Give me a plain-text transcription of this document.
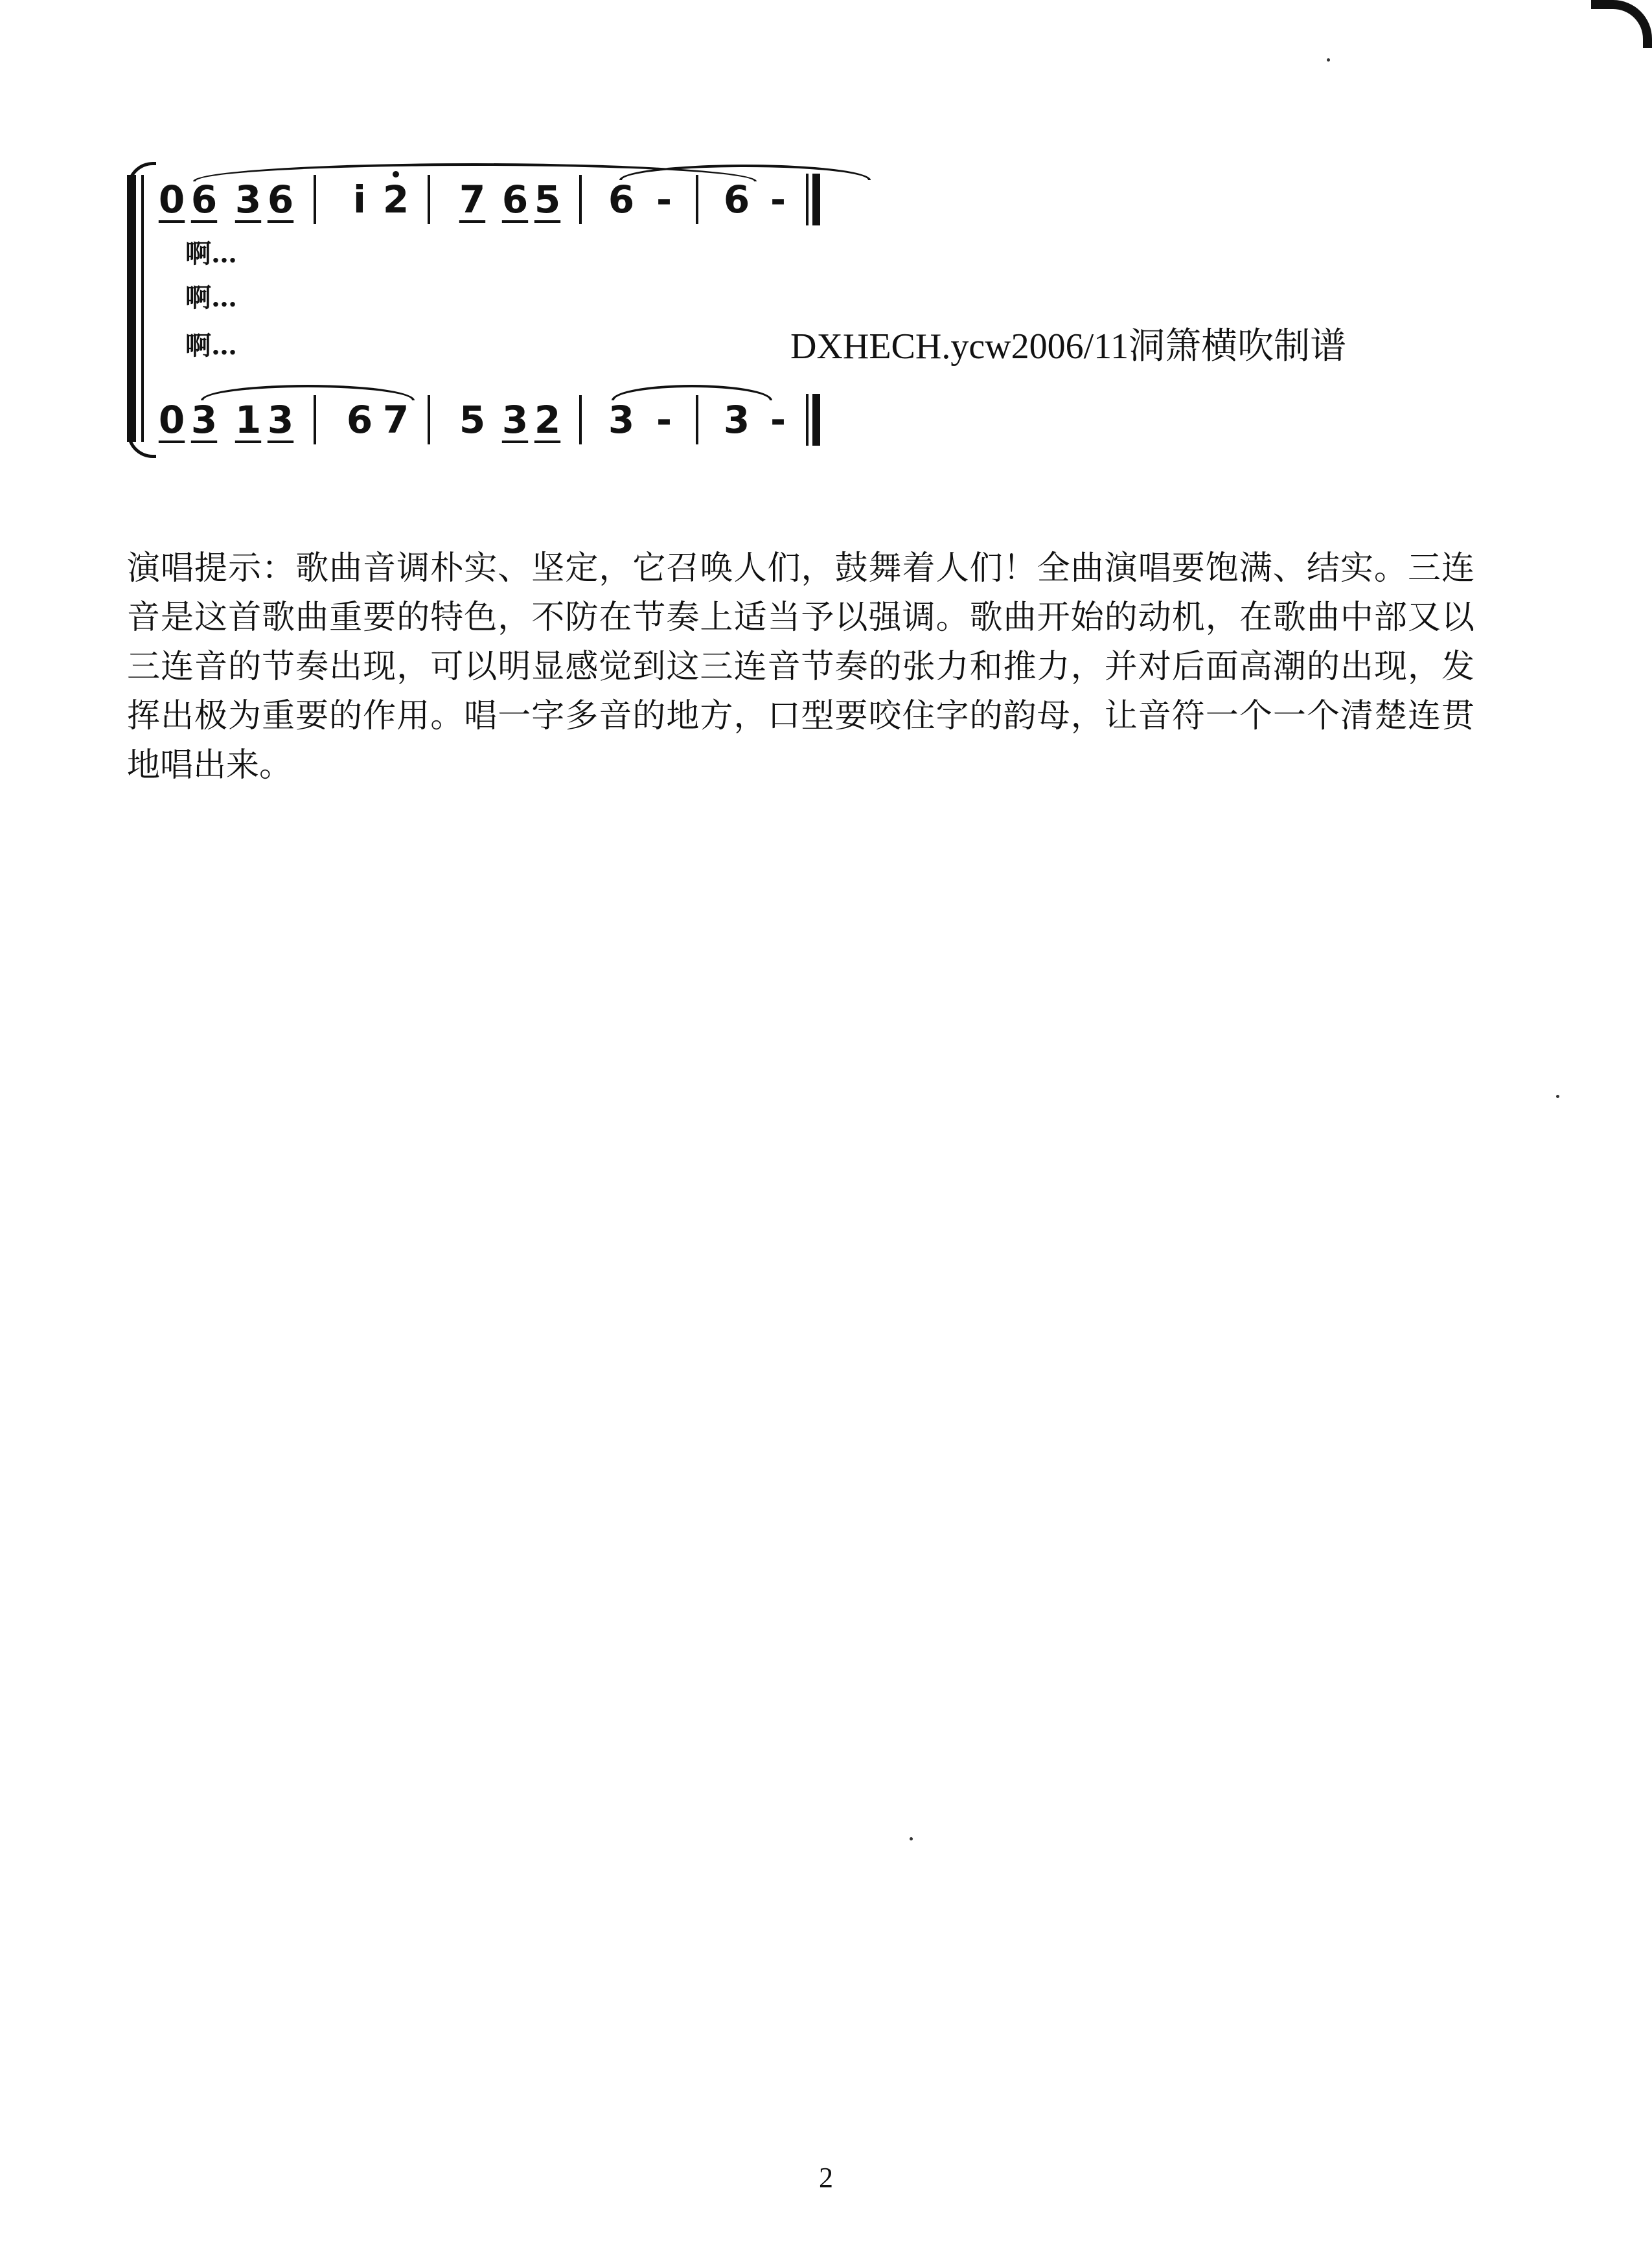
0 6 3 6 i 2 7 6 5 6 - 6 -
啊…
啊…
啊…	DXHECH.ycw2006/11洞箫横吹制谱
0 3 1 3 6 7 5 3 2 3 - 3 -
演唱提示：歌曲音调朴实、坚定，它召唤人们，鼓舞着人们！全曲演唱要饱满、结实。三连音是这首歌曲重要的特色，不防在节奏上适当予以强调。歌曲开始的动机，在歌曲中部又以三连音的节奏出现，可以明显感觉到这三连音节奏的张力和推力，并对后面高潮的出现，发挥出极为重要的作用。唱一字多音的地方，口型要咬住字的韵母，让音符一个一个清楚连贯地唱出来。
2
